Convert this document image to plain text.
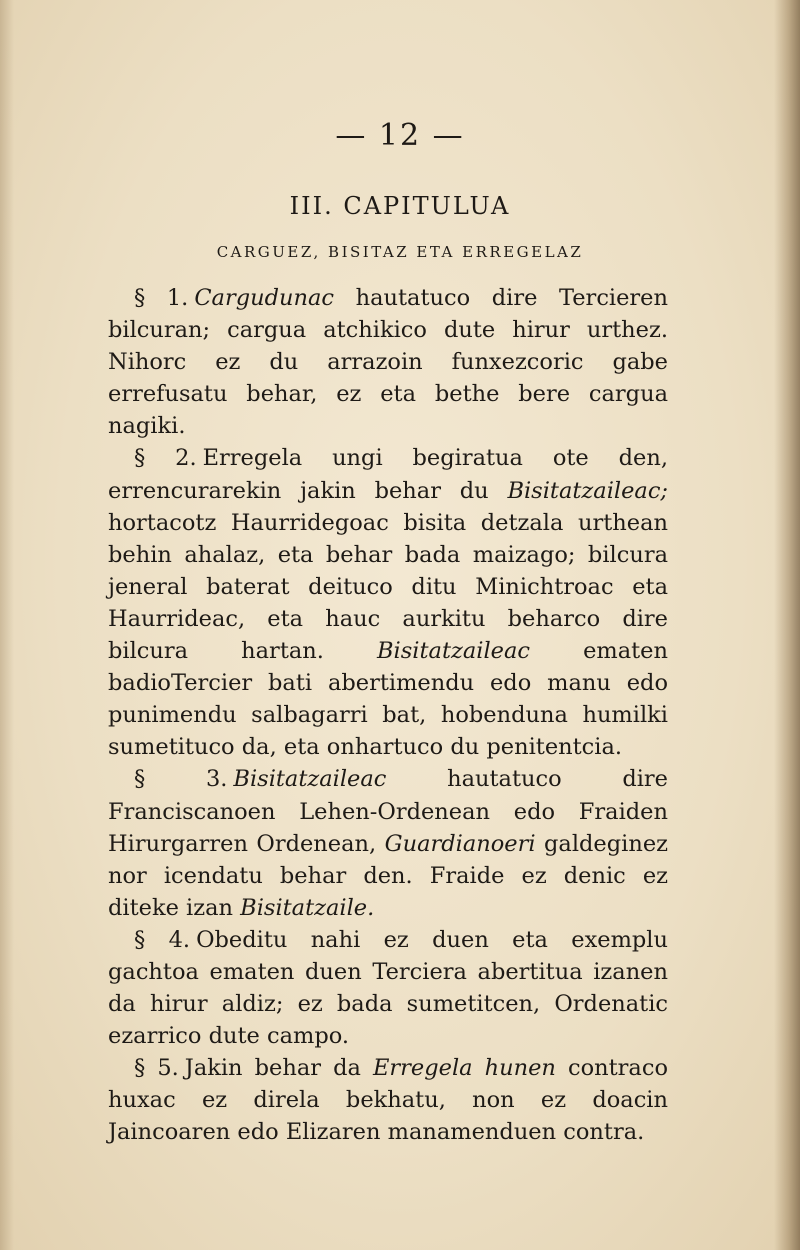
— 12 —
III. CAPITULUA
CARGUEZ, BISITAZ ETA ERREGELAZ

§ 1. Cargudunac hautatuco dire Tercieren bilcuran; cargua atchikico dute hirur urthez. Nihorc ez du arrazoin funxezcoric gabe errefusatu behar, ez eta bethe bere cargua nagiki.

§ 2. Erregela ungi begiratua ote den, errencurarekin jakin behar du Bisitatzaileac; hortacotz Haurridegoac bisita detzala urthean behin ahalaz, eta behar bada maizago; bilcura jeneral baterat deituco ditu Minichtroac eta Haurrideac, eta hauc aurkitu beharco dire bilcura hartan. Bisitatzaileac ematen badioTercier bati abertimendu edo manu edo punimendu salbagarri bat, hobenduna humilki sumetituco da, eta onhartuco du penitentcia.

§ 3. Bisitatzaileac hautatuco dire Franciscanoen Lehen-Ordenean edo Fraiden Hirurgarren Ordenean, Guardianoeri galdeginez nor icendatu behar den. Fraide ez denic ez diteke izan Bisitatzaile.

§ 4. Obeditu nahi ez duen eta exemplu gachtoa ematen duen Terciera abertitua izanen da hirur aldiz; ez bada sumetitcen, Ordenatic ezarrico dute campo.

§ 5. Jakin behar da Erregela hunen contraco huxac ez direla bekhatu, non ez doacin Jaincoaren edo Elizaren manamenduen contra.
